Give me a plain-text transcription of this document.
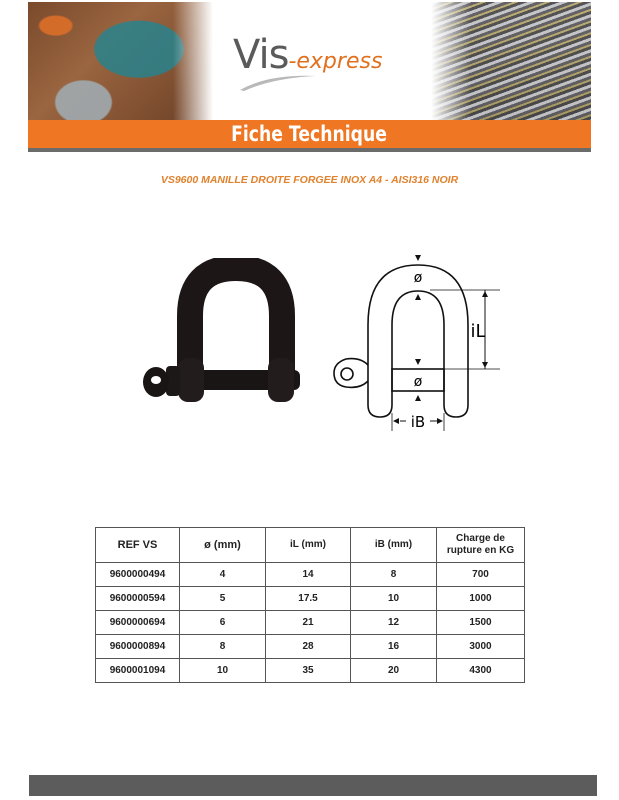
Vis-express
Fiche Technique
VS9600 MANILLE DROITE FORGEE INOX A4 - AISI316 NOIR
ø
ø
iL
iB
REF VS	ø (mm)	iL (mm)	iB (mm)	Charge de
rupture en KG

9600000494	4	14	8	700
9600000594	5	17.5	10	1000
9600000694	6	21	12	1500
9600000894	8	28	16	3000
9600001094	10	35	20	4300
